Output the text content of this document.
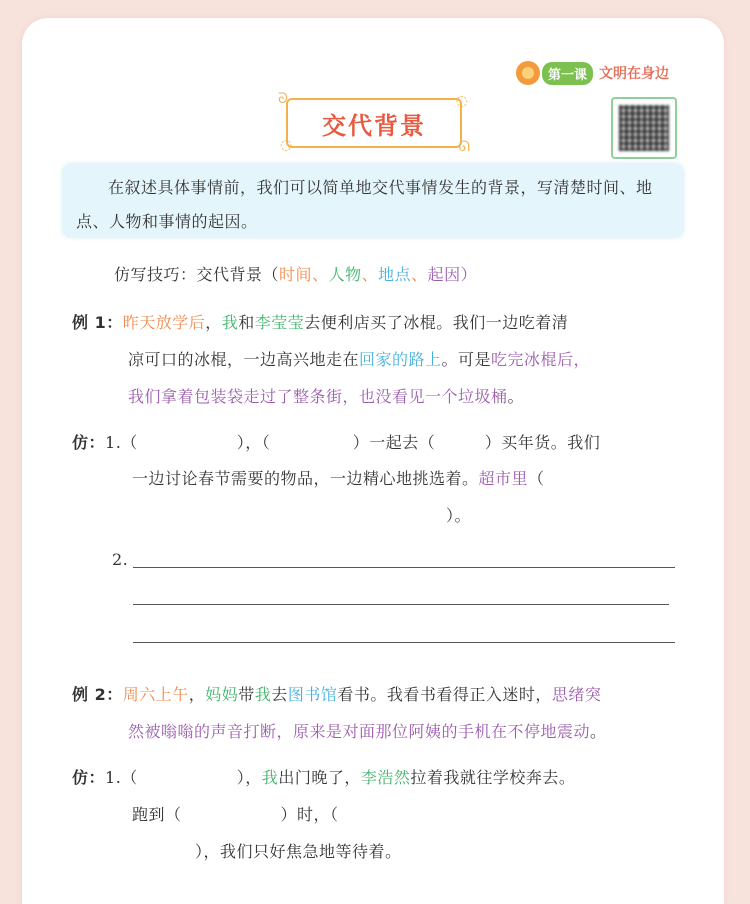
第一课 文明在身边
ᘐ	◌
◌	ᘏ
交代背景

在叙述具体事情前，我们可以简单地交代事情发生的背景，写清楚时间、地点、人物和事情的起因。

仿写技巧：交代背景（时间、人物、地点、起因）
例 1：昨天放学后，我和李莹莹去便利店买了冰棍。我们一边吃着清
凉可口的冰棍，一边高兴地走在回家的路上。可是吃完冰棍后，
我们拿着包装袋走过了整条街，也没看见一个垃圾桶。
仿：1.（　　　　　　），（　　　　　）一起去（　　　）买年货。我们
一边讨论春节需要的物品，一边精心地挑选着。超市里（
）。
2.
例 2：周六上午，妈妈带我去图书馆看书。我看书看得正入迷时，思绪突
然被嗡嗡的声音打断，原来是对面那位阿姨的手机在不停地震动。
仿：1.（　　　　　　），我出门晚了，李浩然拉着我就往学校奔去。
跑到（　　　　　　）时，（
），我们只好焦急地等待着。
